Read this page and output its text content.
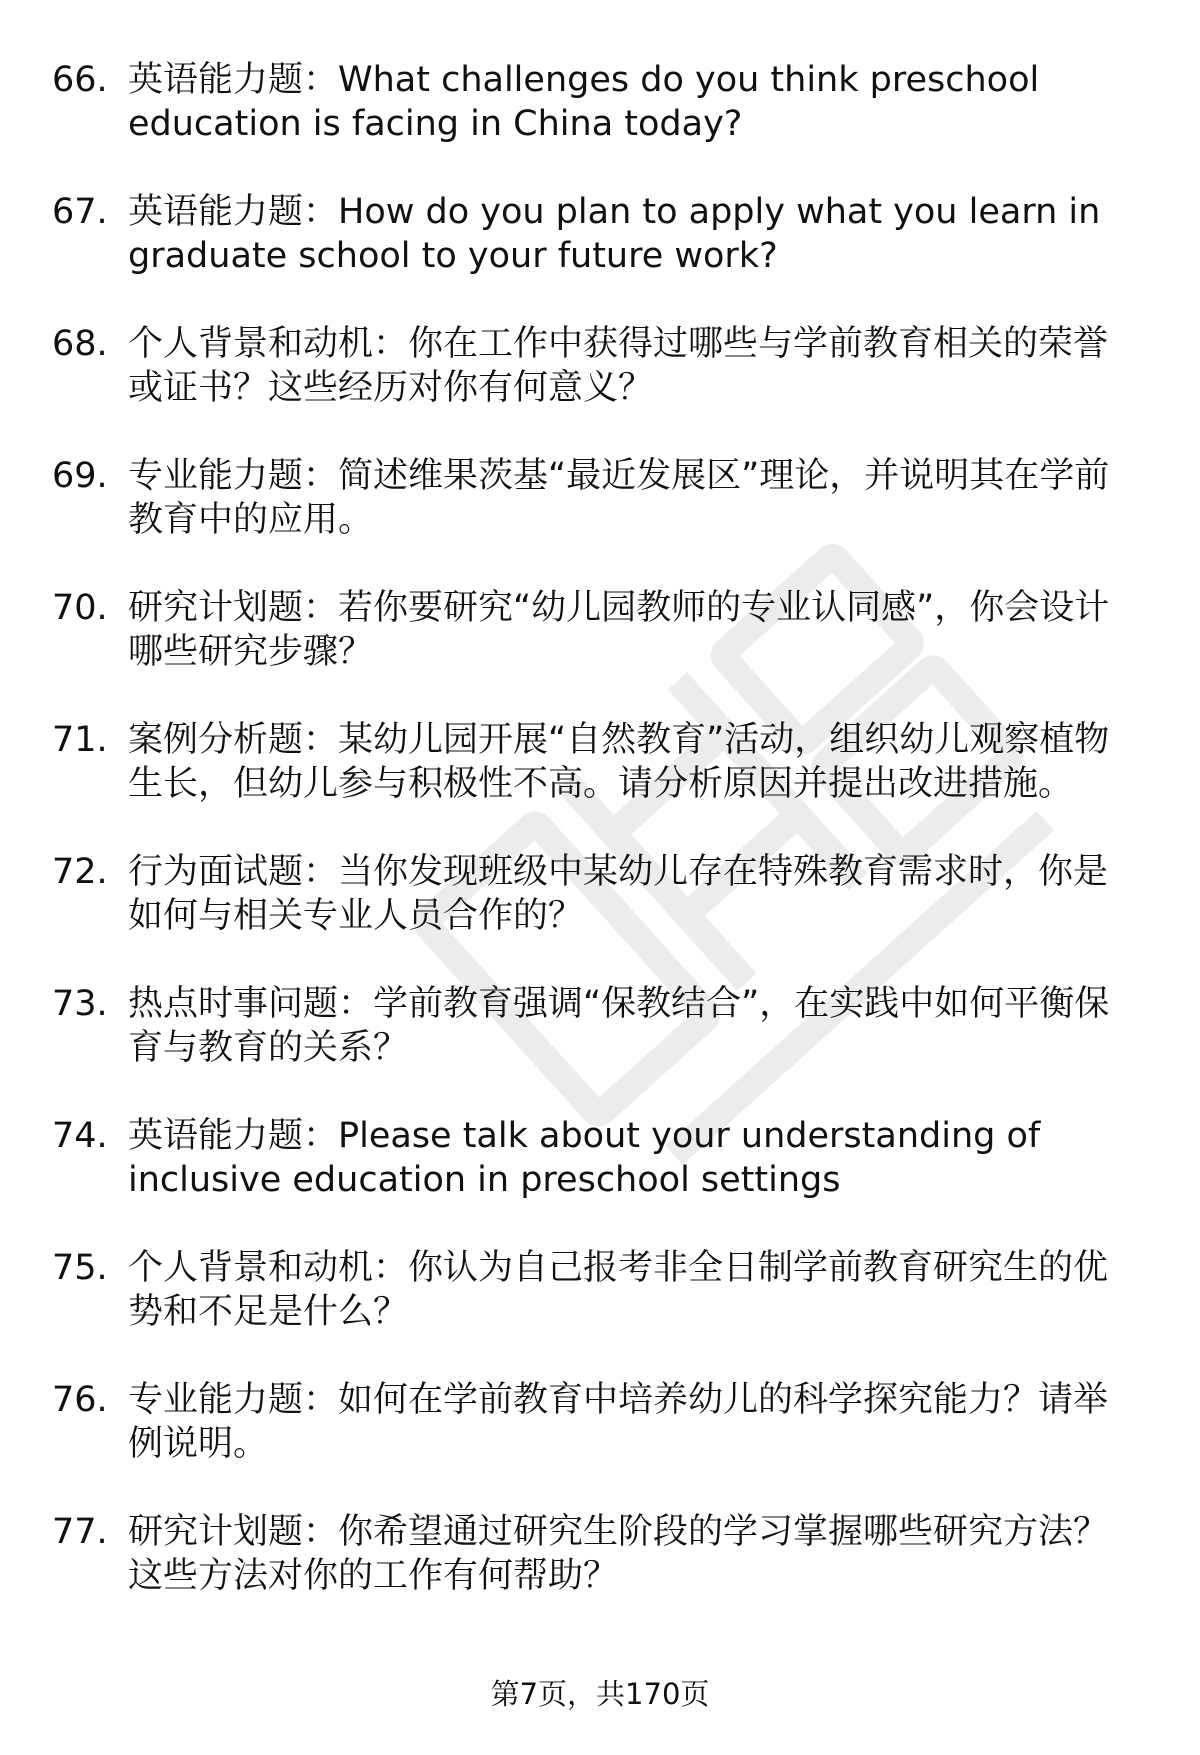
66. 英语能力题：What challenges do you think preschool education is facing in China today?
67. 英语能力题：How do you plan to apply what you learn in graduate school to your future work?
68. 个人背景和动机：你在工作中获得过哪些与学前教育相关的荣誉或证书？这些经历对你有何意义？
69. 专业能力题：简述维果茨基“最近发展区”理论，并说明其在学前教育中的应用。
70. 研究计划题：若你要研究“幼儿园教师的专业认同感”，你会设计哪些研究步骤？
71. 案例分析题：某幼儿园开展“自然教育”活动，组织幼儿观察植物生长，但幼儿参与积极性不高。请分析原因并提出改进措施。
72. 行为面试题：当你发现班级中某幼儿存在特殊教育需求时，你是如何与相关专业人员合作的？
73. 热点时事问题：学前教育强调“保教结合”，在实践中如何平衡保育与教育的关系？
74. 英语能力题：Please talk about your understanding of inclusive education in preschool settings
75. 个人背景和动机：你认为自己报考非全日制学前教育研究生的优势和不足是什么？
76. 专业能力题：如何在学前教育中培养幼儿的科学探究能力？请举例说明。
77. 研究计划题：你希望通过研究生阶段的学习掌握哪些研究方法？这些方法对你的工作有何帮助？
第7页，共170页
